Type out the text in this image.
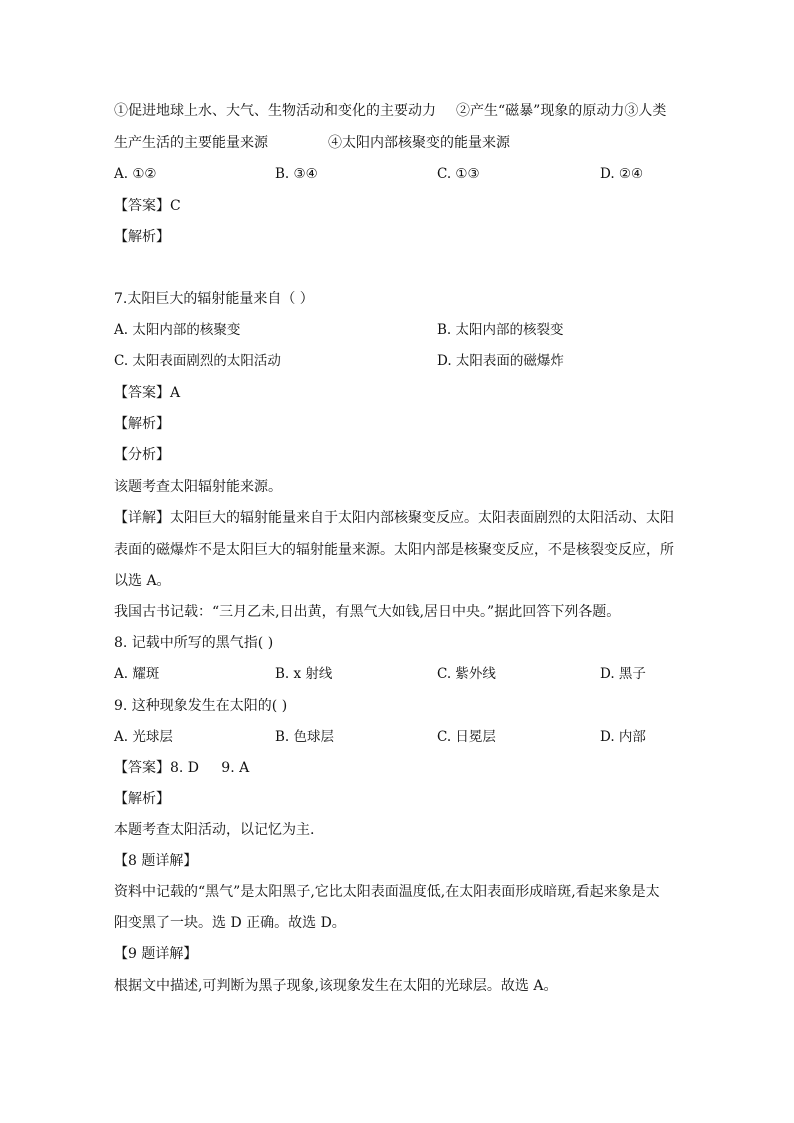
①促进地球上水、大气、生物活动和变化的主要动力 ②产生“磁暴”现象的原动力③人类
生产生活的主要能量来源	④太阳内部核聚变的能量来源
A. ①②	B. ③④	C. ①③	D. ②④
【答案】C
【解析】
7.太阳巨大的辐射能量来自（ ）
A. 太阳内部的核聚变	B. 太阳内部的核裂变
C. 太阳表面剧烈的太阳活动	D. 太阳表面的磁爆炸
【答案】A
【解析】
【分析】
该题考查太阳辐射能来源。
【详解】太阳巨大的辐射能量来自于太阳内部核聚变反应。太阳表面剧烈的太阳活动、太阳
表面的磁爆炸不是太阳巨大的辐射能量来源。太阳内部是核聚变反应，不是核裂变反应，所
以选 A。
我国古书记载：“三月乙未,日出黄，有黑气大如钱,居日中央。”据此回答下列各题。
8. 记载中所写的黑气指( )
A. 耀斑	B. x 射线	C. 紫外线	D. 黑子
9. 这种现象发生在太阳的( )
A. 光球层	B. 色球层	C. 日冕层	D. 内部
【答案】8. D     9. A
【解析】
本题考查太阳活动，以记忆为主.
【8 题详解】
资料中记载的“黑气”是太阳黑子,它比太阳表面温度低,在太阳表面形成暗斑,看起来象是太
阳变黑了一块。选 D 正确。故选 D。
【9 题详解】
根据文中描述,可判断为黑子现象,该现象发生在太阳的光球层。故选 A。
